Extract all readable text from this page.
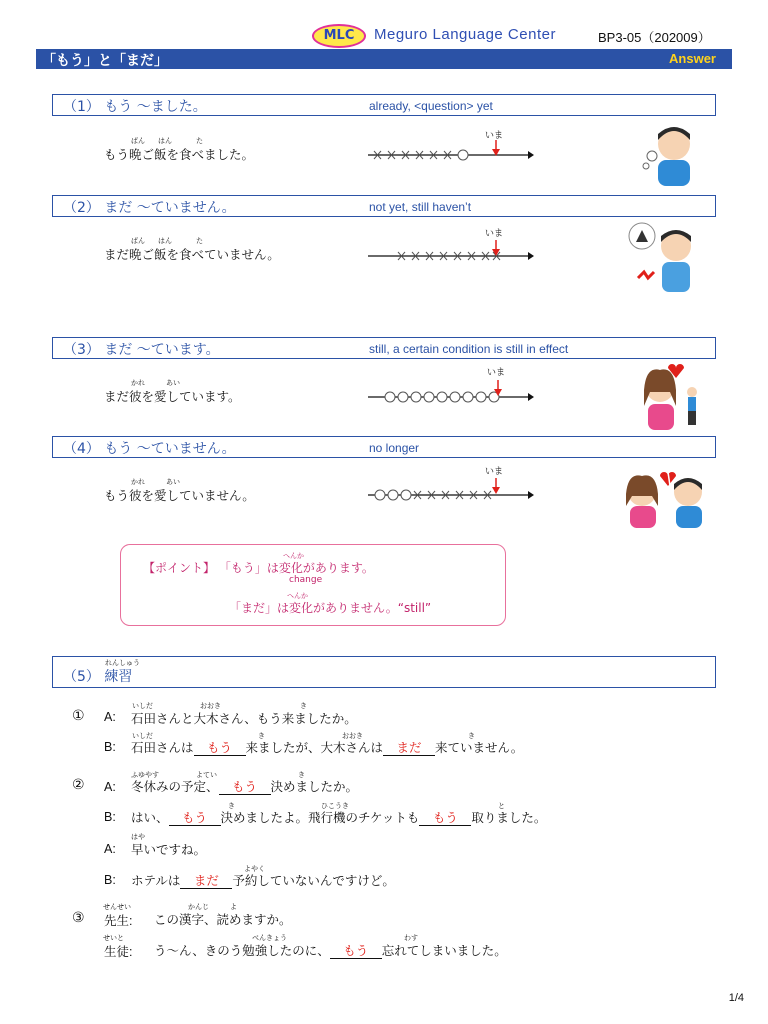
MLC	Meguro Language Center	BP3-05（202009）
「もう」と「まだ」	Answer
（1） もう ～ました。	already, <question> yet
ばん はん	た
もう晩ご飯を食べました。
いま
（2） まだ ～ていません。	not yet, still haven’t
ばん はん	た
まだ晩ご飯を食べていません。
いま
（3） まだ ～ています。	still, a certain condition is still in effect
かれ	あい
まだ彼を愛しています。
いま
（4） もう ～ていません。	no longer
かれ	あい
もう彼を愛していません。
いま
へんか
【ポイント】 「もう」は変化があります。
change
へんか
「まだ」は変化がありません。“still”
れんしゅう
（5） 練習
① A:
いしだ	おおき	き
石田さんと大木さん、もう来ましたか。
B:
いしだ	き	おおき	き
石田さんは もう 来ましたが、大木さんは まだ 来ていません。
② A:
ふゆやす	よてい	き
冬休みの予定、 もう 決めましたか。
B:
き	ひこうき	と
はい、 もう 決めましたよ。飛行機のチケットも もう 取りました。
A:
はや
早いですね。
B:
よやく
ホテルは まだ 予約していないんですけど。
③
せんせい
先生:
かんじ	よ
この漢字、読めますか。
せいと
生徒:
べんきょう	わす
う～ん、きのう勉強したのに、 もう 忘れてしまいました。
1/4
